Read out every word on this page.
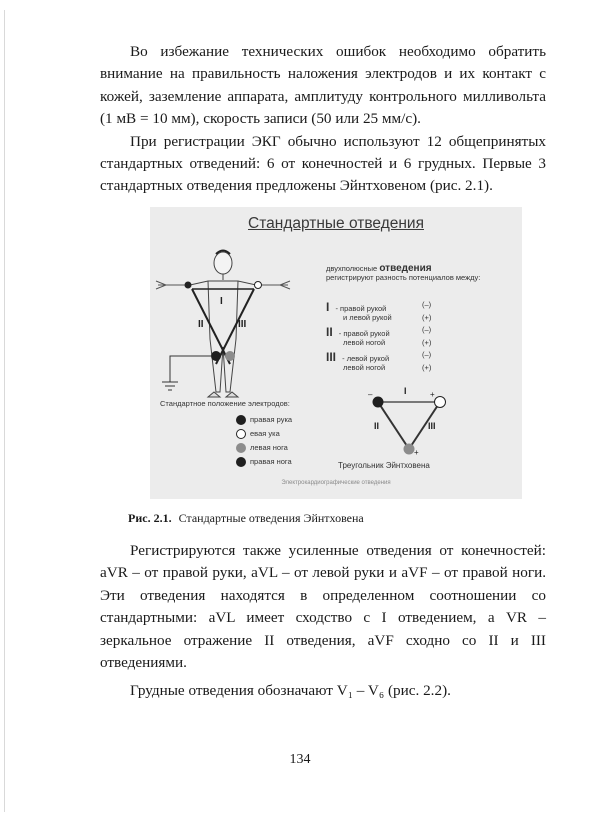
Во избежание технических ошибок необходимо обратить внимание на правильность наложения электродов и их контакт с кожей, заземление аппарата, амплитуду контрольного милливольта (1 мВ = 10 мм), скорость записи (50 или 25 мм/с).

При регистрации ЭКГ обычно используют 12 общепринятых стандартных отведений: 6 от конечностей и 6 грудных. Первые 3 стандартных отведения предложены Эйнтховеном (рис. 2.1).

Стандартные отведения
I
II	III
I
II	III
–	+
+
двухполюсные отведения
регистрируют разность потенциалов между:
I - правой рукой	(–)
и левой рукой	(+)
II - правой рукой	(–)
левой ногой	(+)
III - левой рукой	(–)
левой ногой	(+)
Стандартное положение электродов:
правая рука
евая ука
левая нога
правая нога	Треугольник Эйнтховена
Электрокардиографические отведения
Рис. 2.1. Стандартные отведения Эйнтховена

Регистрируются также усиленные отведения от конечностей: aVR – от правой руки, aVL – от левой руки и aVF – от правой ноги. Эти отведения находятся в определенном соотношении со стандартными: aVL имеет сходство с I отведением, а VR – зеркальное отражение II отведения, aVF сходно со II и III отведениями.

Грудные отведения обозначают V₁ – V₆ (рис. 2.2).

134
